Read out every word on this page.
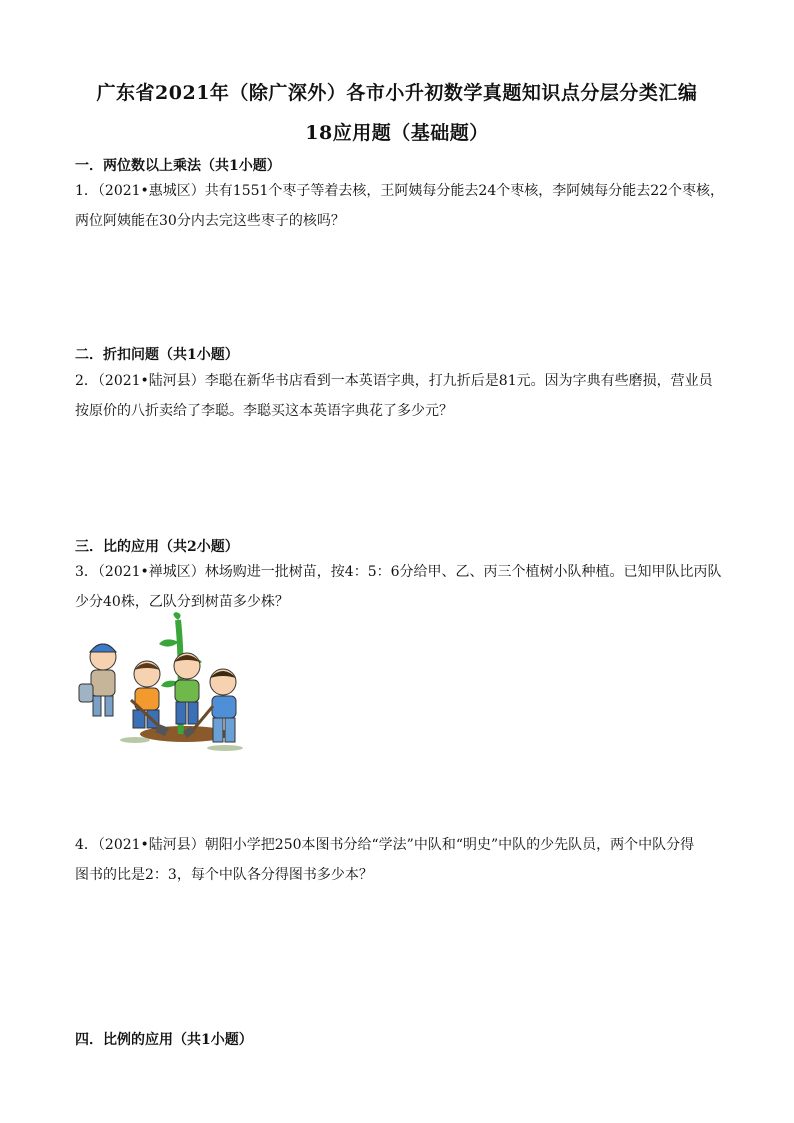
广东省2021年（除广深外）各市小升初数学真题知识点分层分类汇编
18应用题（基础题）
一．两位数以上乘法（共1小题）

1．（2021•惠城区）共有1551个枣子等着去核，王阿姨每分能去24个枣核，李阿姨每分能去22个枣核，

两位阿姨能在30分内去完这些枣子的核吗？

二．折扣问题（共1小题）

2．（2021•陆河县）李聪在新华书店看到一本英语字典，打九折后是81元。因为字典有些磨损，营业员

按原价的八折卖给了李聪。李聪买这本英语字典花了多少元？

三．比的应用（共2小题）

3．（2021•禅城区）林场购进一批树苗，按4：5：6分给甲、乙、丙三个植树小队种植。已知甲队比丙队

少分40株，乙队分到树苗多少株？

4．（2021•陆河县）朝阳小学把250本图书分给“学法”中队和“明史”中队的少先队员，两个中队分得

图书的比是2：3，每个中队各分得图书多少本？

四．比例的应用（共1小题）
